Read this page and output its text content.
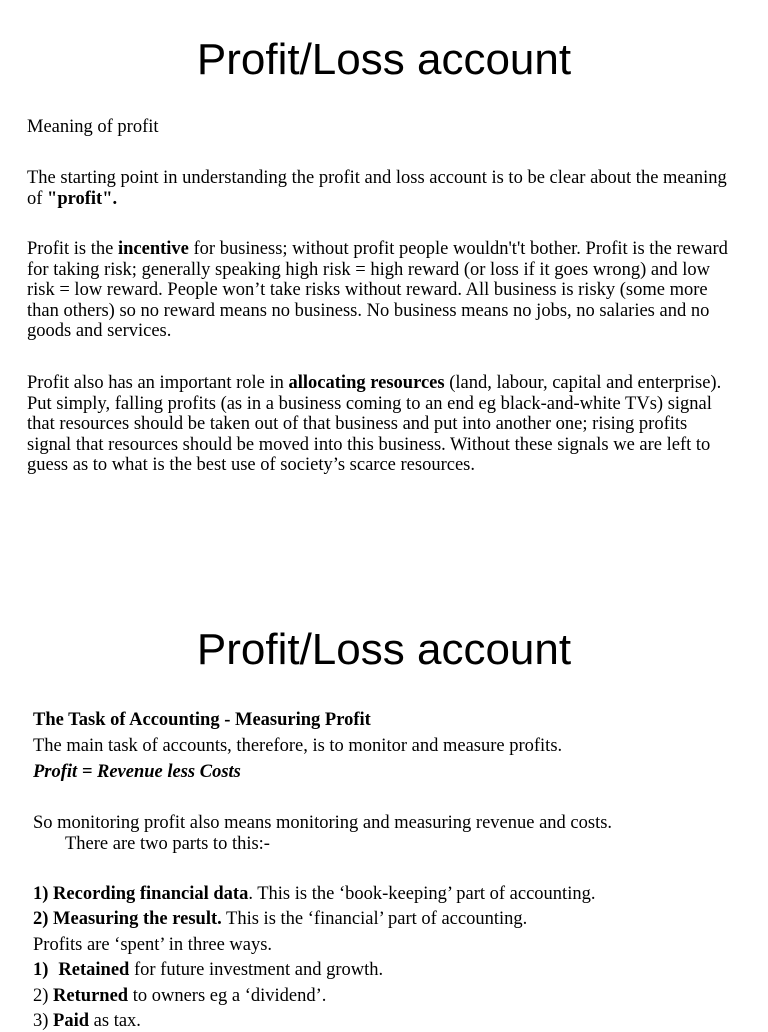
Profit/Loss account

Meaning of profit

The starting point in understanding the profit and loss account is to be clear about the meaning of "profit".

Profit is the incentive for business; without profit people wouldn't't bother. Profit is the reward for taking risk; generally speaking high risk = high reward (or loss if it goes wrong) and low risk = low reward. People won’t take risks without reward. All business is risky (some more than others) so no reward means no business. No business means no jobs, no salaries and no goods and services.

Profit also has an important role in allocating resources (land, labour, capital and enterprise). Put simply, falling profits (as in a business coming to an end eg black-and-white TVs) signal that resources should be taken out of that business and put into another one; rising profits signal that resources should be moved into this business. Without these signals we are left to guess as to what is the best use of society’s scarce resources.

Profit/Loss account

The Task of Accounting - Measuring Profit

The main task of accounts, therefore, is to monitor and measure profits.

Profit = Revenue less Costs

So monitoring profit also means monitoring and measuring revenue and costs.

There are two parts to this:-

1) Recording financial data. This is the ‘book-keeping’ part of accounting.

2) Measuring the result. This is the ‘financial’ part of accounting.

Profits are ‘spent’ in three ways.

1) Retained for future investment and growth.

2) Returned to owners eg a ‘dividend’.

3) Paid as tax.
